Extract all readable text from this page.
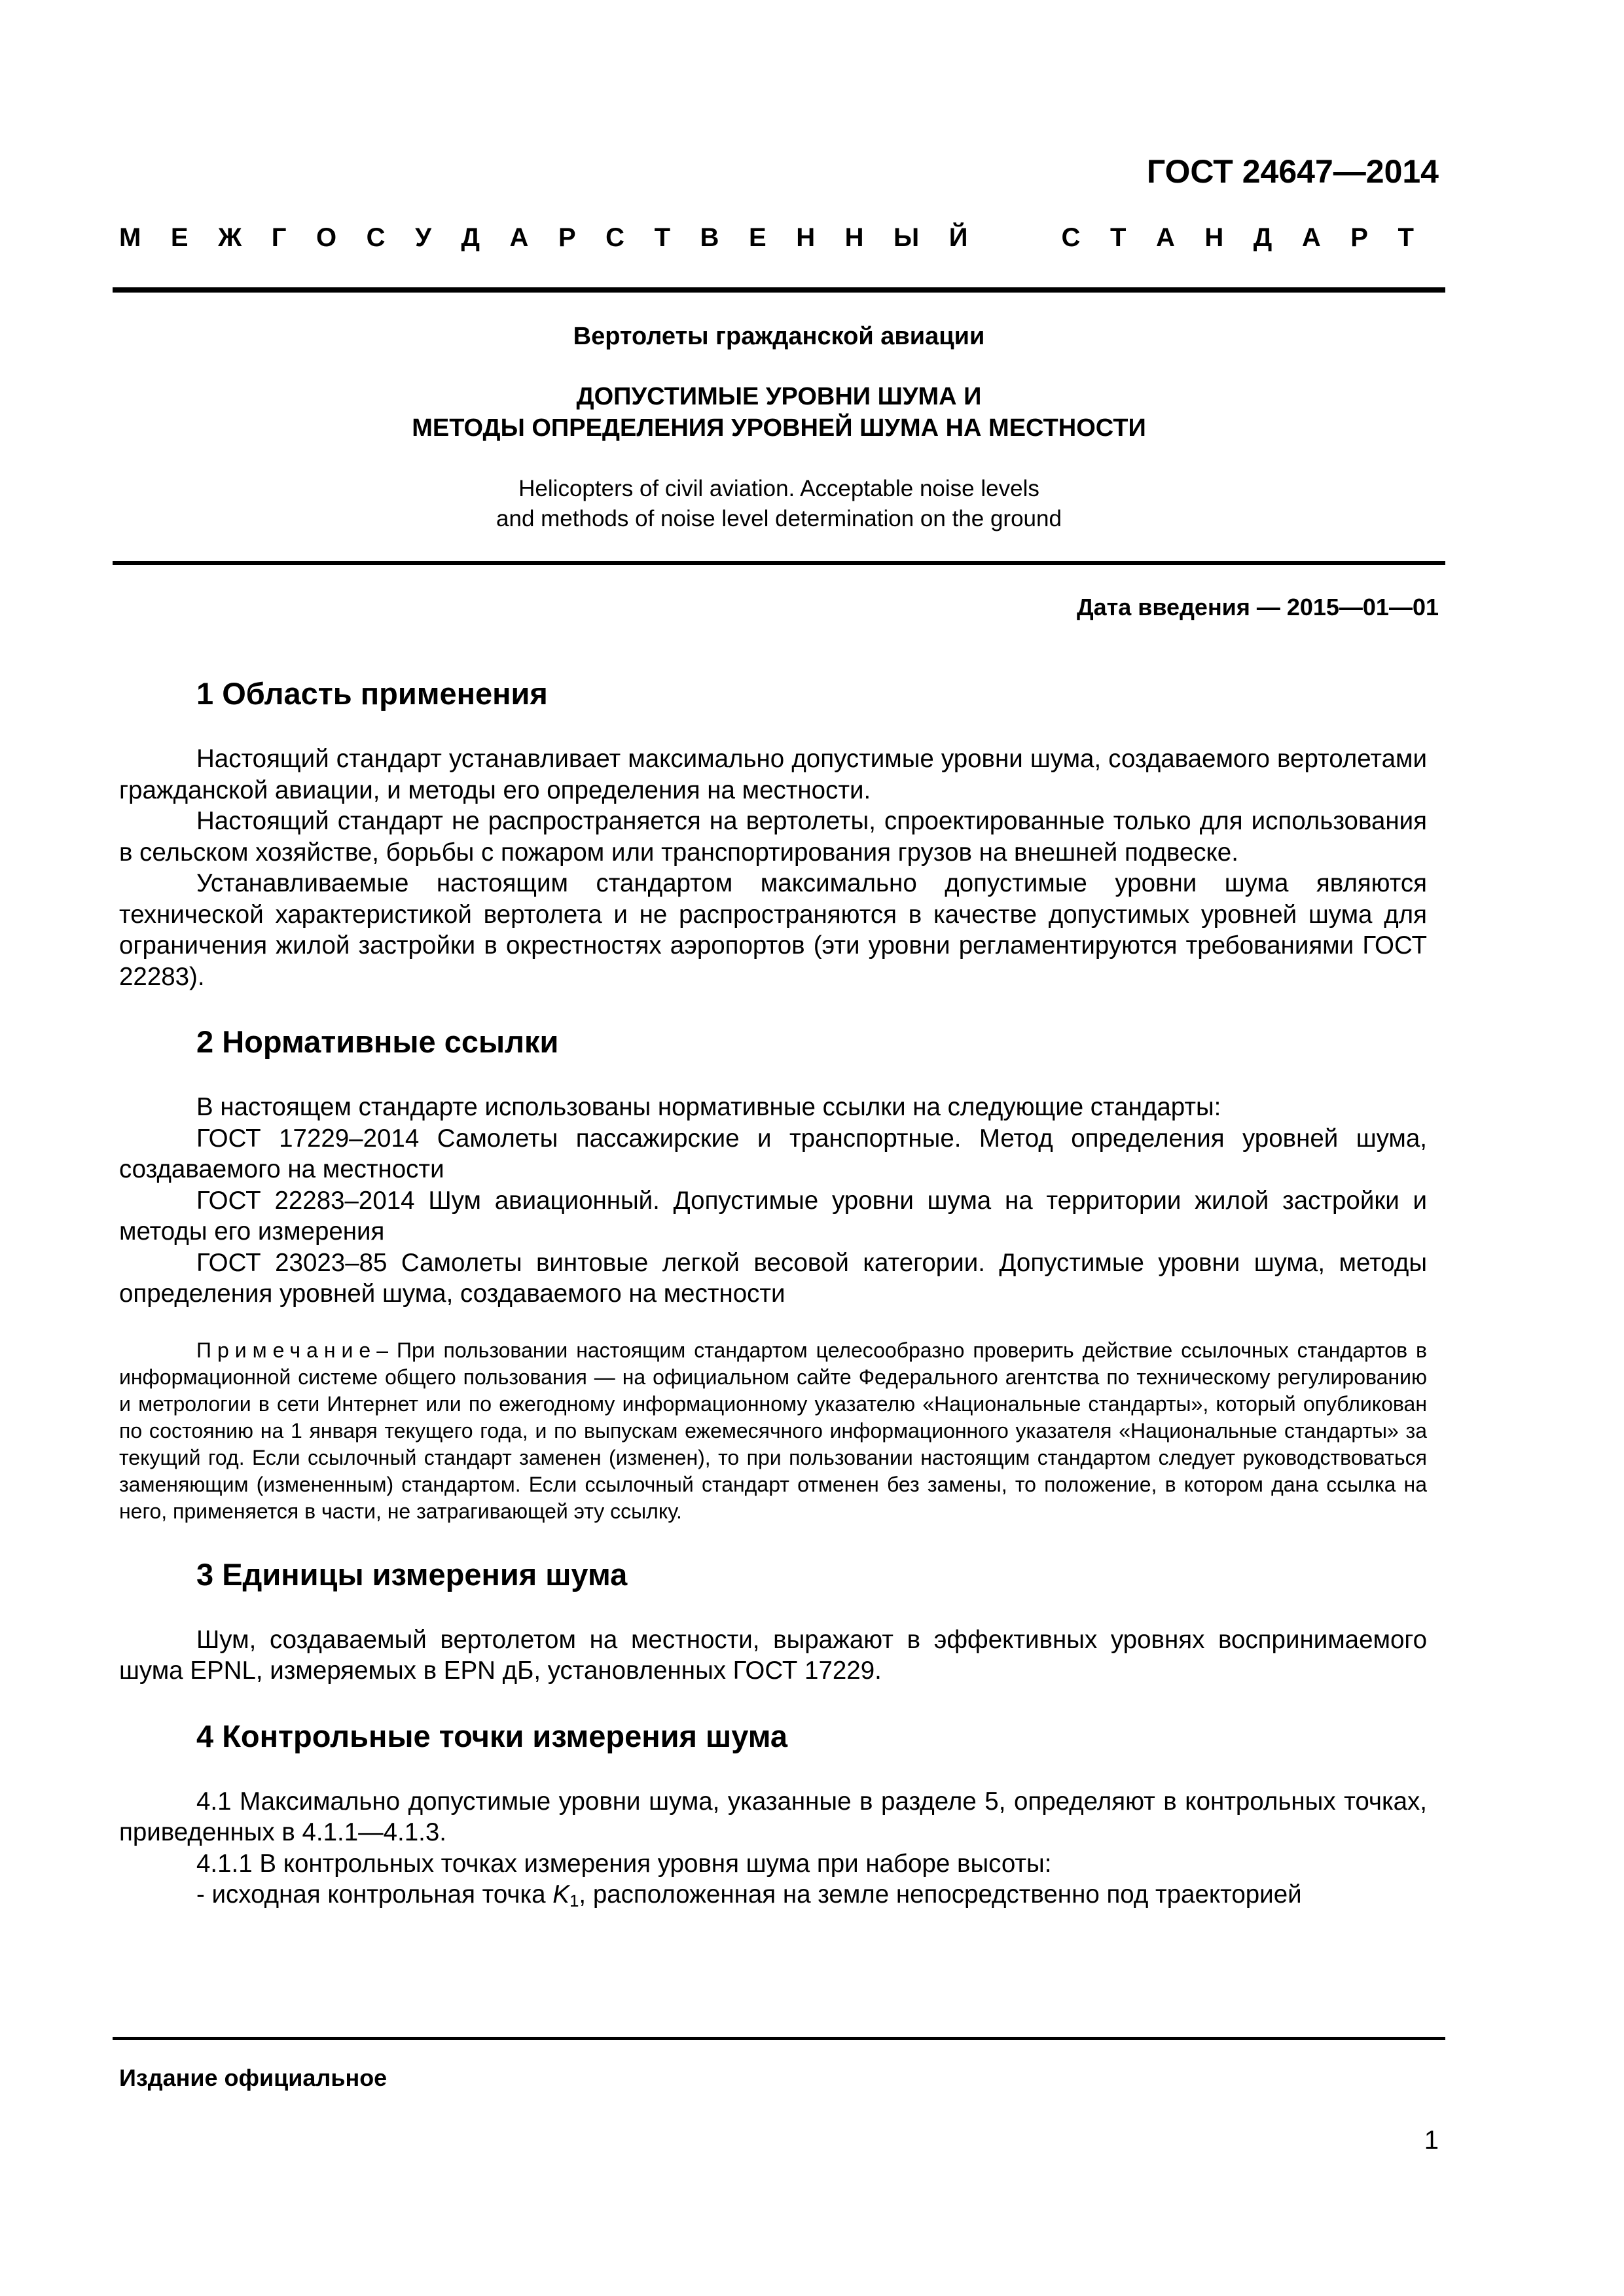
ГОСТ 24647—2014
М Е Ж Г О С У Д А Р С Т В Е Н Н Ы Й	С Т А Н Д А Р Т
Вертолеты гражданской авиации
ДОПУСТИМЫЕ УРОВНИ ШУМА И
МЕТОДЫ ОПРЕДЕЛЕНИЯ УРОВНЕЙ ШУМА НА МЕСТНОСТИ
Helicopters of civil aviation. Acceptable noise levels
and methods of noise level determination on the ground
Дата введения — 2015—01—01
1 Область применения

Настоящий стандарт устанавливает максимально допустимые уровни шума, создаваемого вертолетами гражданской авиации, и методы его определения на местности.

Настоящий стандарт не распространяется на вертолеты, спроектированные только для использования в сельском хозяйстве, борьбы с пожаром или транспортирования грузов на внешней подвеске.

Устанавливаемые настоящим стандартом максимально допустимые уровни шума являются технической характеристикой вертолета и не распространяются в качестве допустимых уровней шума для ограничения жилой застройки в окрестностях аэропортов (эти уровни регламентируются требованиями ГОСТ 22283).

2 Нормативные ссылки

В настоящем стандарте использованы нормативные ссылки на следующие стандарты:

ГОСТ 17229–2014 Самолеты пассажирские и транспортные. Метод определения уровней шума, создаваемого на местности

ГОСТ 22283–2014 Шум авиационный. Допустимые уровни шума на территории жилой застройки и методы его измерения

ГОСТ 23023–85 Самолеты винтовые легкой весовой категории. Допустимые уровни шума, методы определения уровней шума, создаваемого на местности

Примечание– При пользовании настоящим стандартом целесообразно проверить действие ссылочных стандартов в информационной системе общего пользования — на официальном сайте Федерального агентства по техническому регулированию и метрологии в сети Интернет или по ежегодному информационному указателю «Национальные стандарты», который опубликован по состоянию на 1 января текущего года, и по выпускам ежемесячного информационного указателя «Национальные стандарты» за текущий год. Если ссылочный стандарт заменен (изменен), то при пользовании настоящим стандартом следует руководствоваться заменяющим (измененным) стандартом. Если ссылочный стандарт отменен без замены, то положение, в котором дана ссылка на него, применяется в части, не затрагивающей эту ссылку.

3 Единицы измерения шума

Шум, создаваемый вертолетом на местности, выражают в эффективных уровнях воспринимаемого шума EPNL, измеряемых в EPN дБ, установленных ГОСТ 17229.

4 Контрольные точки измерения шума

4.1 Максимально допустимые уровни шума, указанные в разделе 5, определяют в контрольных точках, приведенных в 4.1.1—4.1.3.

4.1.1 В контрольных точках измерения уровня шума при наборе высоты:

- исходная контрольная точка $K_1$, расположенная на земле непосредственно под траекторией

Издание официальное
1
